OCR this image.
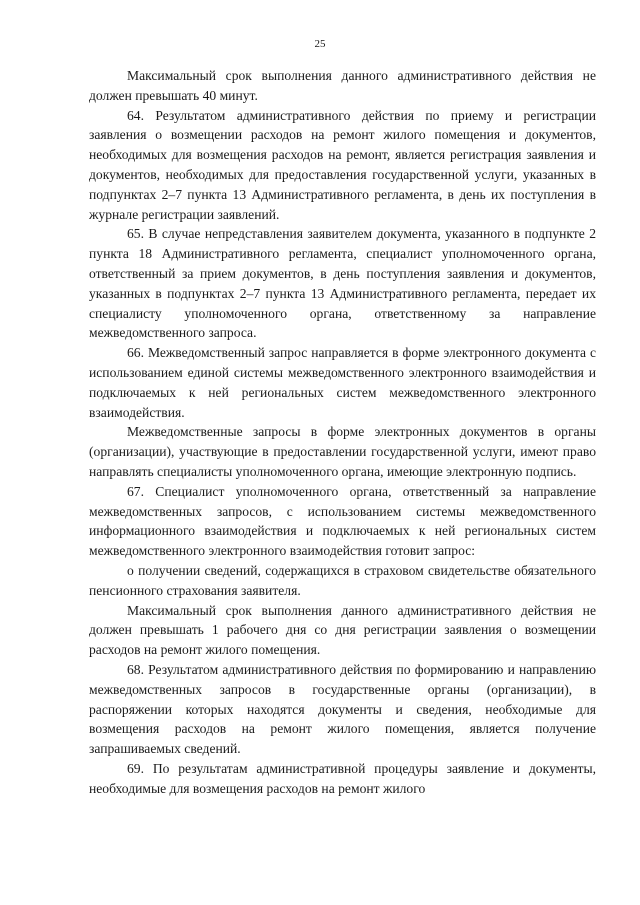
25

Максимальный срок выполнения данного административного действия не должен превышать 40 минут.

64. Результатом административного действия по приему и регистрации заявления о возмещении расходов на ремонт жилого помещения и документов, необходимых для возмещения расходов на ремонт, является регистрация заявления и документов, необходимых для предоставления государственной услуги, указанных в подпунктах 2–7 пункта 13 Административного регламента, в день их поступления в журнале регистрации заявлений.

65. В случае непредставления заявителем документа, указанного в подпункте 2 пункта 18 Административного регламента, специалист уполномоченного органа, ответственный за прием документов, в день поступления заявления и документов, указанных в подпунктах 2–7 пункта 13 Административного регламента, передает их специалисту уполномоченного органа, ответственному за направление межведомственного запроса.

66. Межведомственный запрос направляется в форме электронного документа с использованием единой системы межведомственного электронного взаимодействия и подключаемых к ней региональных систем межведомственного электронного взаимодействия.

Межведомственные запросы в форме электронных документов в органы (организации), участвующие в предоставлении государственной услуги, имеют право направлять специалисты уполномоченного органа, имеющие электронную подпись.

67. Специалист уполномоченного органа, ответственный за направление межведомственных запросов, с использованием системы межведомственного информационного взаимодействия и подключаемых к ней региональных систем межведомственного электронного взаимодействия готовит запрос:

о получении сведений, содержащихся в страховом свидетельстве обязательного пенсионного страхования заявителя.

Максимальный срок выполнения данного административного действия не должен превышать 1 рабочего дня со дня регистрации заявления о возмещении расходов на ремонт жилого помещения.

68. Результатом административного действия по формированию и направлению межведомственных запросов в государственные органы (организации), в распоряжении которых находятся документы и сведения, необходимые для возмещения расходов на ремонт жилого помещения, является получение запрашиваемых сведений.

69. По результатам административной процедуры заявление и документы, необходимые для возмещения расходов на ремонт жилого
